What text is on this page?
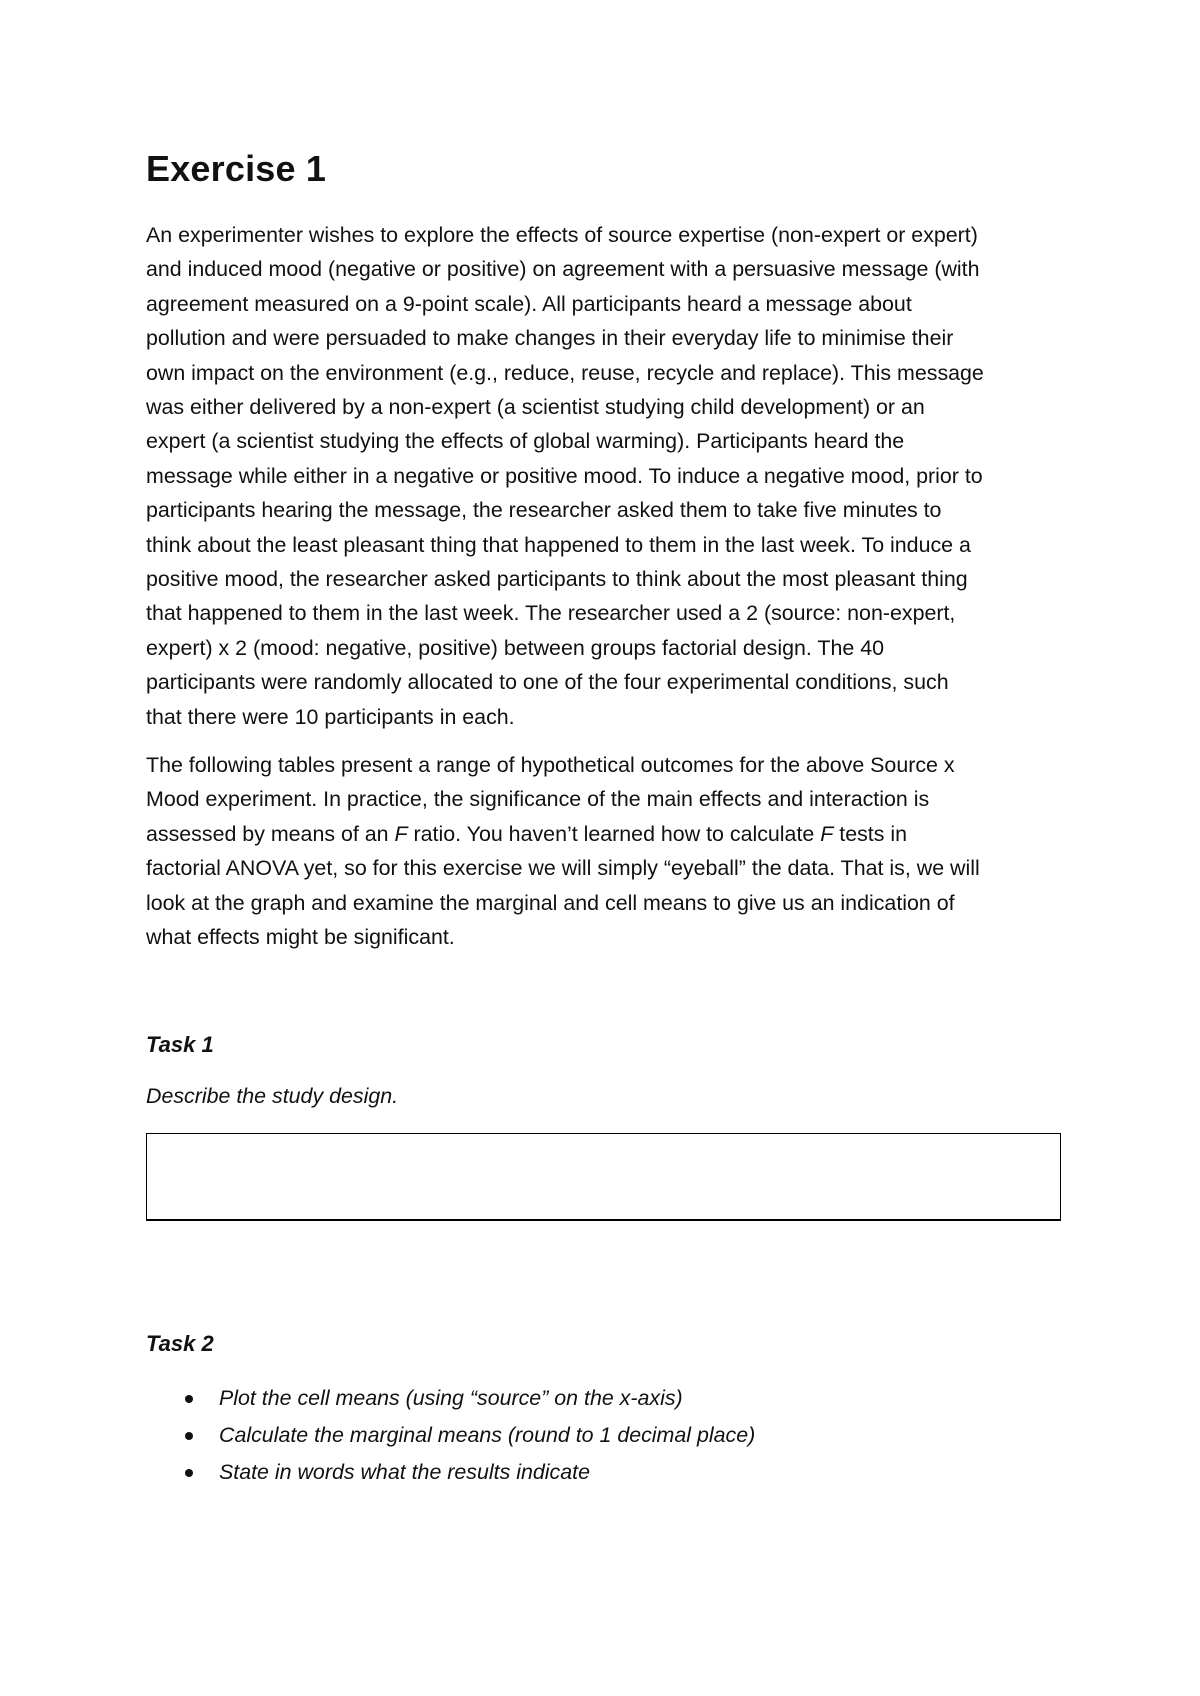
Exercise 1

An experimenter wishes to explore the effects of source expertise (non-expert or expert)

and induced mood (negative or positive) on agreement with a persuasive message (with

agreement measured on a 9-point scale). All participants heard a message about

pollution and were persuaded to make changes in their everyday life to minimise their

own impact on the environment (e.g., reduce, reuse, recycle and replace). This message

was either delivered by a non-expert (a scientist studying child development) or an

expert (a scientist studying the effects of global warming). Participants heard the

message while either in a negative or positive mood. To induce a negative mood, prior to

participants hearing the message, the researcher asked them to take five minutes to

think about the least pleasant thing that happened to them in the last week. To induce a

positive mood, the researcher asked participants to think about the most pleasant thing

that happened to them in the last week. The researcher used a 2 (source: non-expert,

expert) x 2 (mood: negative, positive) between groups factorial design. The 40

participants were randomly allocated to one of the four experimental conditions, such

that there were 10 participants in each.

The following tables present a range of hypothetical outcomes for the above Source x

Mood experiment. In practice, the significance of the main effects and interaction is

assessed by means of an F ratio. You haven’t learned how to calculate F tests in

factorial ANOVA yet, so for this exercise we will simply “eyeball” the data. That is, we will

look at the graph and examine the marginal and cell means to give us an indication of

what effects might be significant.

Task 1

Describe the study design.

Task 2
Plot the cell means (using “source” on the x-axis)
Calculate the marginal means (round to 1 decimal place)
State in words what the results indicate
